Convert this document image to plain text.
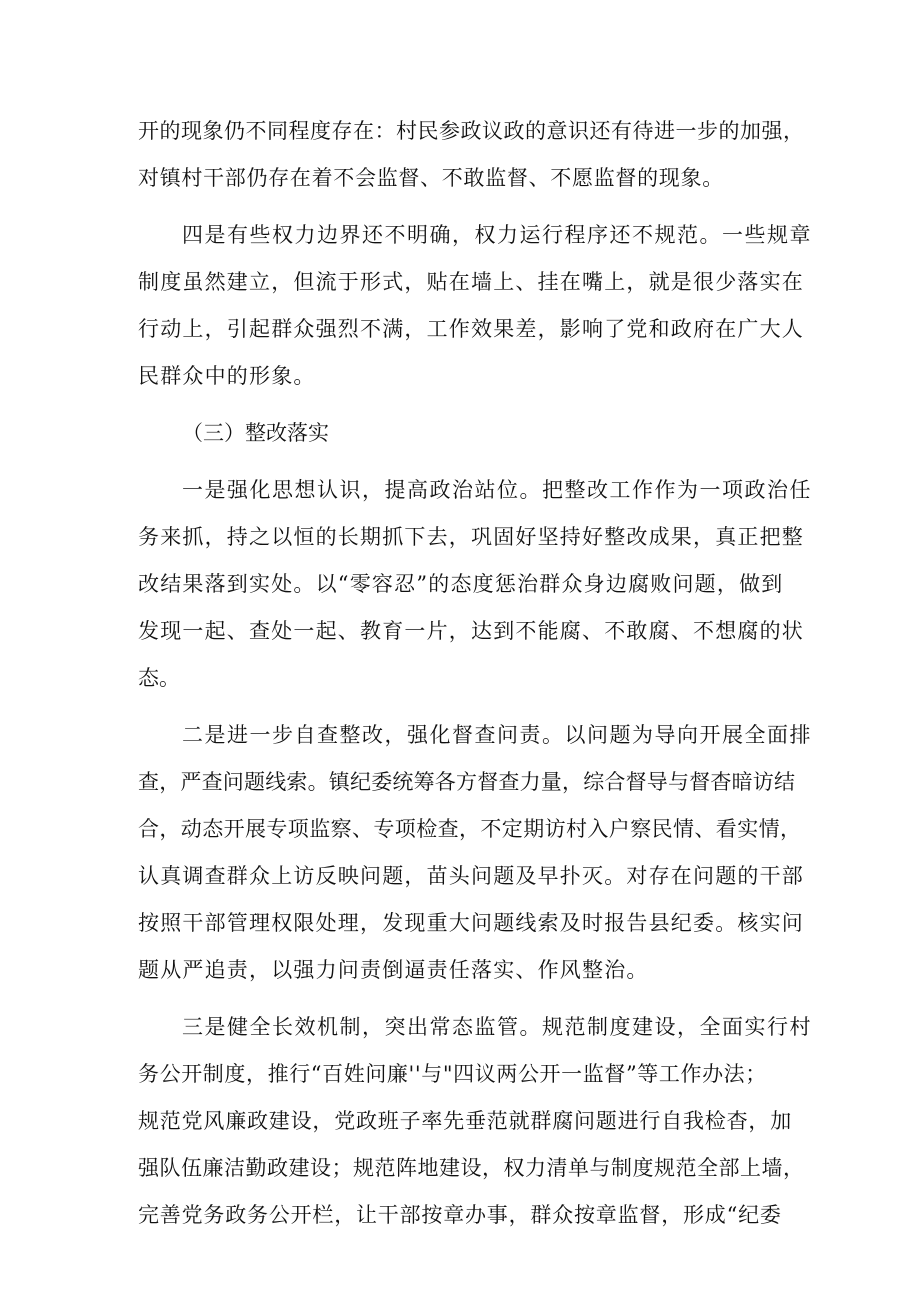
开的现象仍不同程度存在：村民参政议政的意识还有待进一步的加强，
对镇村干部仍存在着不会监督、不敢监督、不愿监督的现象。
四是有些权力边界还不明确，权力运行程序还不规范。一些规章
制度虽然建立，但流于形式，贴在墙上、挂在嘴上，就是很少落实在
行动上，引起群众强烈不满，工作效果差，影响了党和政府在广大人
民群众中的形象。
（三）整改落实
一是强化思想认识，提高政治站位。把整改工作作为一项政治任
务来抓，持之以恒的长期抓下去，巩固好坚持好整改成果，真正把整
改结果落到实处。以“零容忍”的态度惩治群众身边腐败问题，做到
发现一起、查处一起、教育一片，达到不能腐、不敢腐、不想腐的状
态。
二是进一步自查整改，强化督查问责。以问题为导向开展全面排
查，严查问题线索。镇纪委统筹各方督查力量，综合督导与督杳暗访结
合，动态开展专项监察、专项检查，不定期访村入户察民情、看实情，
认真调查群众上访反映问题，苗头问题及早扑灭。对存在问题的干部
按照干部管理权限处理，发现重大问题线索及时报告县纪委。核实问
题从严追责，以强力问责倒逼责任落实、作风整治。
三是健全长效机制，突出常态监管。规范制度建设，全面实行村
务公开制度，推行“百姓问廉''与"四议两公开一监督”等工作办法；
规范党风廉政建设，党政班子率先垂范就群腐问题进行自我检杳，加
强队伍廉洁勤政建设；规范阵地建设，权力清单与制度规范全部上墙，
完善党务政务公开栏，让干部按章办事，群众按章监督，形成“纪委
